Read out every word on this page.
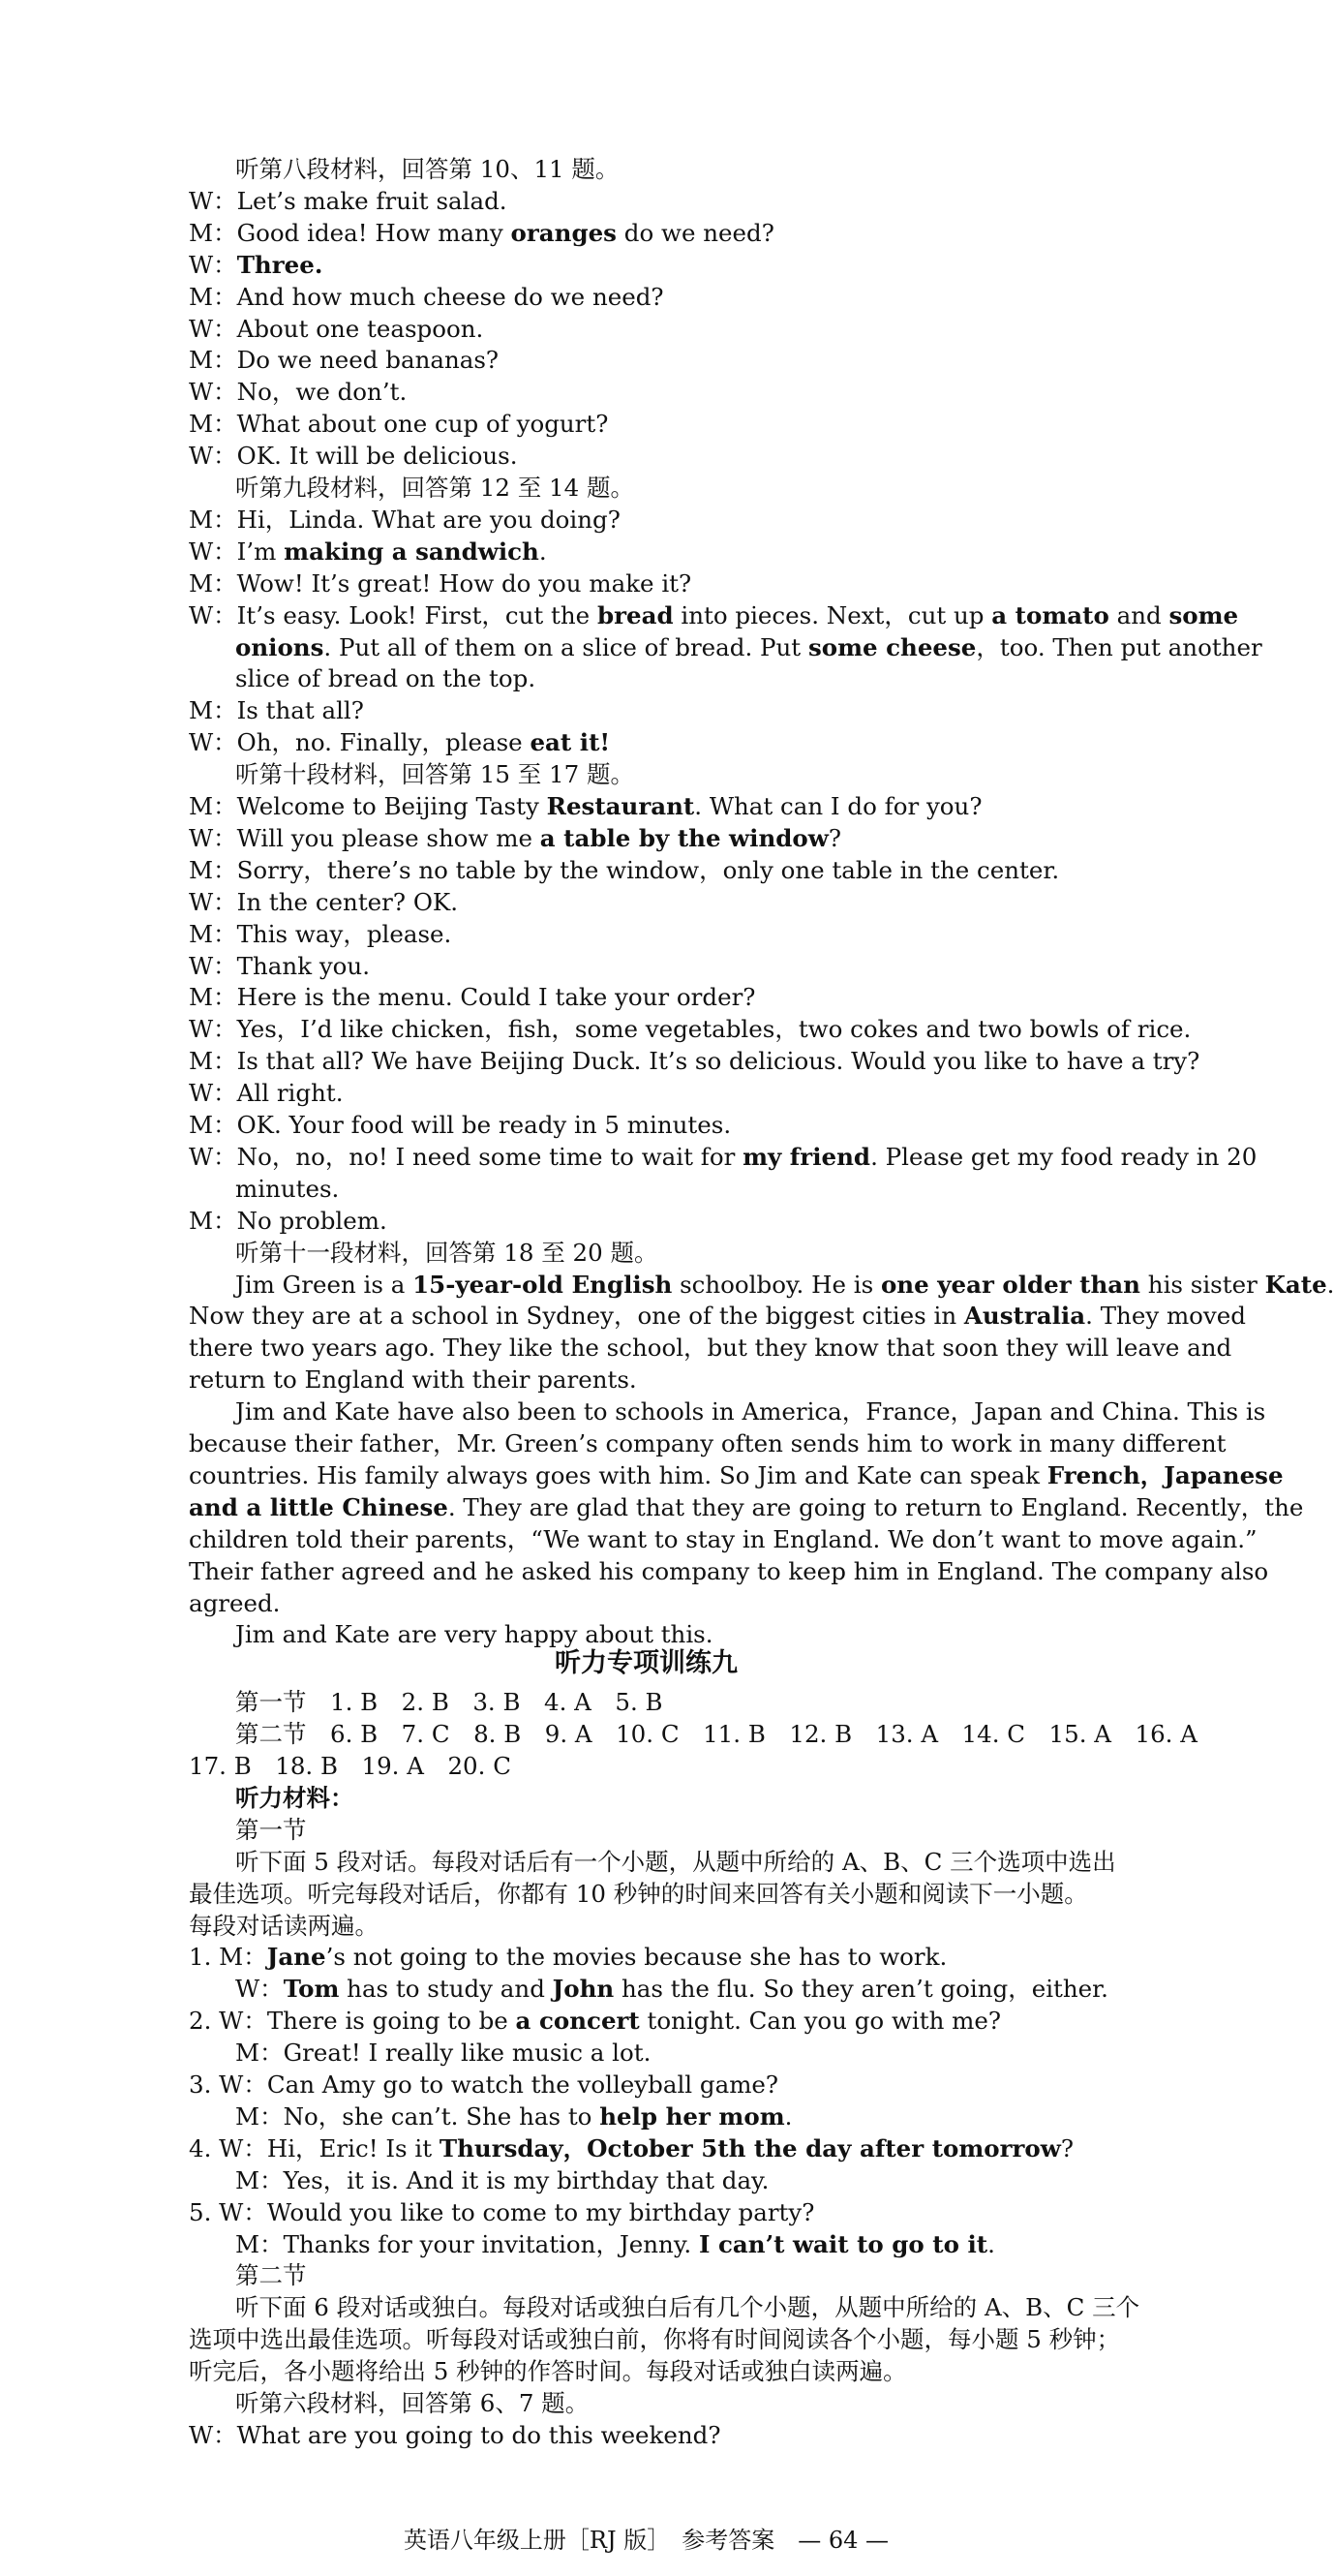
听第八段材料，回答第 10、11 题。
W：Let’s make fruit salad.
M：Good idea! How many oranges do we need?
W：Three.
M：And how much cheese do we need?
W：About one teaspoon.
M：Do we need bananas?
W：No，we don’t.
M：What about one cup of yogurt?
W：OK. It will be delicious.
听第九段材料，回答第 12 至 14 题。
M：Hi，Linda. What are you doing?
W：I’m making a sandwich.
M：Wow! It’s great! How do you make it?
W：It’s easy. Look! First，cut the bread into pieces. Next，cut up a tomato and some
onions. Put all of them on a slice of bread. Put some cheese，too. Then put another
slice of bread on the top.
M：Is that all?
W：Oh，no. Finally，please eat it!
听第十段材料，回答第 15 至 17 题。
M：Welcome to Beijing Tasty Restaurant. What can I do for you?
W：Will you please show me a table by the window?
M：Sorry，there’s no table by the window，only one table in the center.
W：In the center? OK.
M：This way，please.
W：Thank you.
M：Here is the menu. Could I take your order?
W：Yes，I’d like chicken，fish，some vegetables，two cokes and two bowls of rice.
M：Is that all? We have Beijing Duck. It’s so delicious. Would you like to have a try?
W：All right.
M：OK. Your food will be ready in 5 minutes.
W：No，no，no! I need some time to wait for my friend. Please get my food ready in 20
minutes.
M：No problem.
听第十一段材料，回答第 18 至 20 题。
Jim Green is a 15-year-old English schoolboy. He is one year older than his sister Kate.
Now they are at a school in Sydney，one of the biggest cities in Australia. They moved
there two years ago. They like the school，but they know that soon they will leave and
return to England with their parents.
Jim and Kate have also been to schools in America，France，Japan and China. This is
because their father，Mr. Green’s company often sends him to work in many different
countries. His family always goes with him. So Jim and Kate can speak French，Japanese
and a little Chinese. They are glad that they are going to return to England. Recently，the
children told their parents，“We want to stay in England. We don’t want to move again.”
Their father agreed and he asked his company to keep him in England. The company also
agreed.
Jim and Kate are very happy about this.
听力专项训练九
第一节　1. B　2. B　3. B　4. A　5. B
第二节　6. B　7. C　8. B　9. A　10. C　11. B　12. B　13. A　14. C　15. A　16. A
17. B　18. B　19. A　20. C
听力材料：
第一节
听下面 5 段对话。每段对话后有一个小题，从题中所给的 A、B、C 三个选项中选出
最佳选项。听完每段对话后，你都有 10 秒钟的时间来回答有关小题和阅读下一小题。
每段对话读两遍。
1. M：Jane’s not going to the movies because she has to work.
W：Tom has to study and John has the flu. So they aren’t going，either.
2. W：There is going to be a concert tonight. Can you go with me?
M：Great! I really like music a lot.
3. W：Can Amy go to watch the volleyball game?
M：No，she can’t. She has to help her mom.
4. W：Hi，Eric! Is it Thursday，October 5th the day after tomorrow?
M：Yes，it is. And it is my birthday that day.
5. W：Would you like to come to my birthday party?
M：Thanks for your invitation，Jenny. I can’t wait to go to it.
第二节
听下面 6 段对话或独白。每段对话或独白后有几个小题，从题中所给的 A、B、C 三个
选项中选出最佳选项。听每段对话或独白前，你将有时间阅读各个小题，每小题 5 秒钟；
听完后，各小题将给出 5 秒钟的作答时间。每段对话或独白读两遍。
听第六段材料，回答第 6、7 题。
W：What are you going to do this weekend?
英语八年级上册［RJ 版］　参考答案　— 64 —
